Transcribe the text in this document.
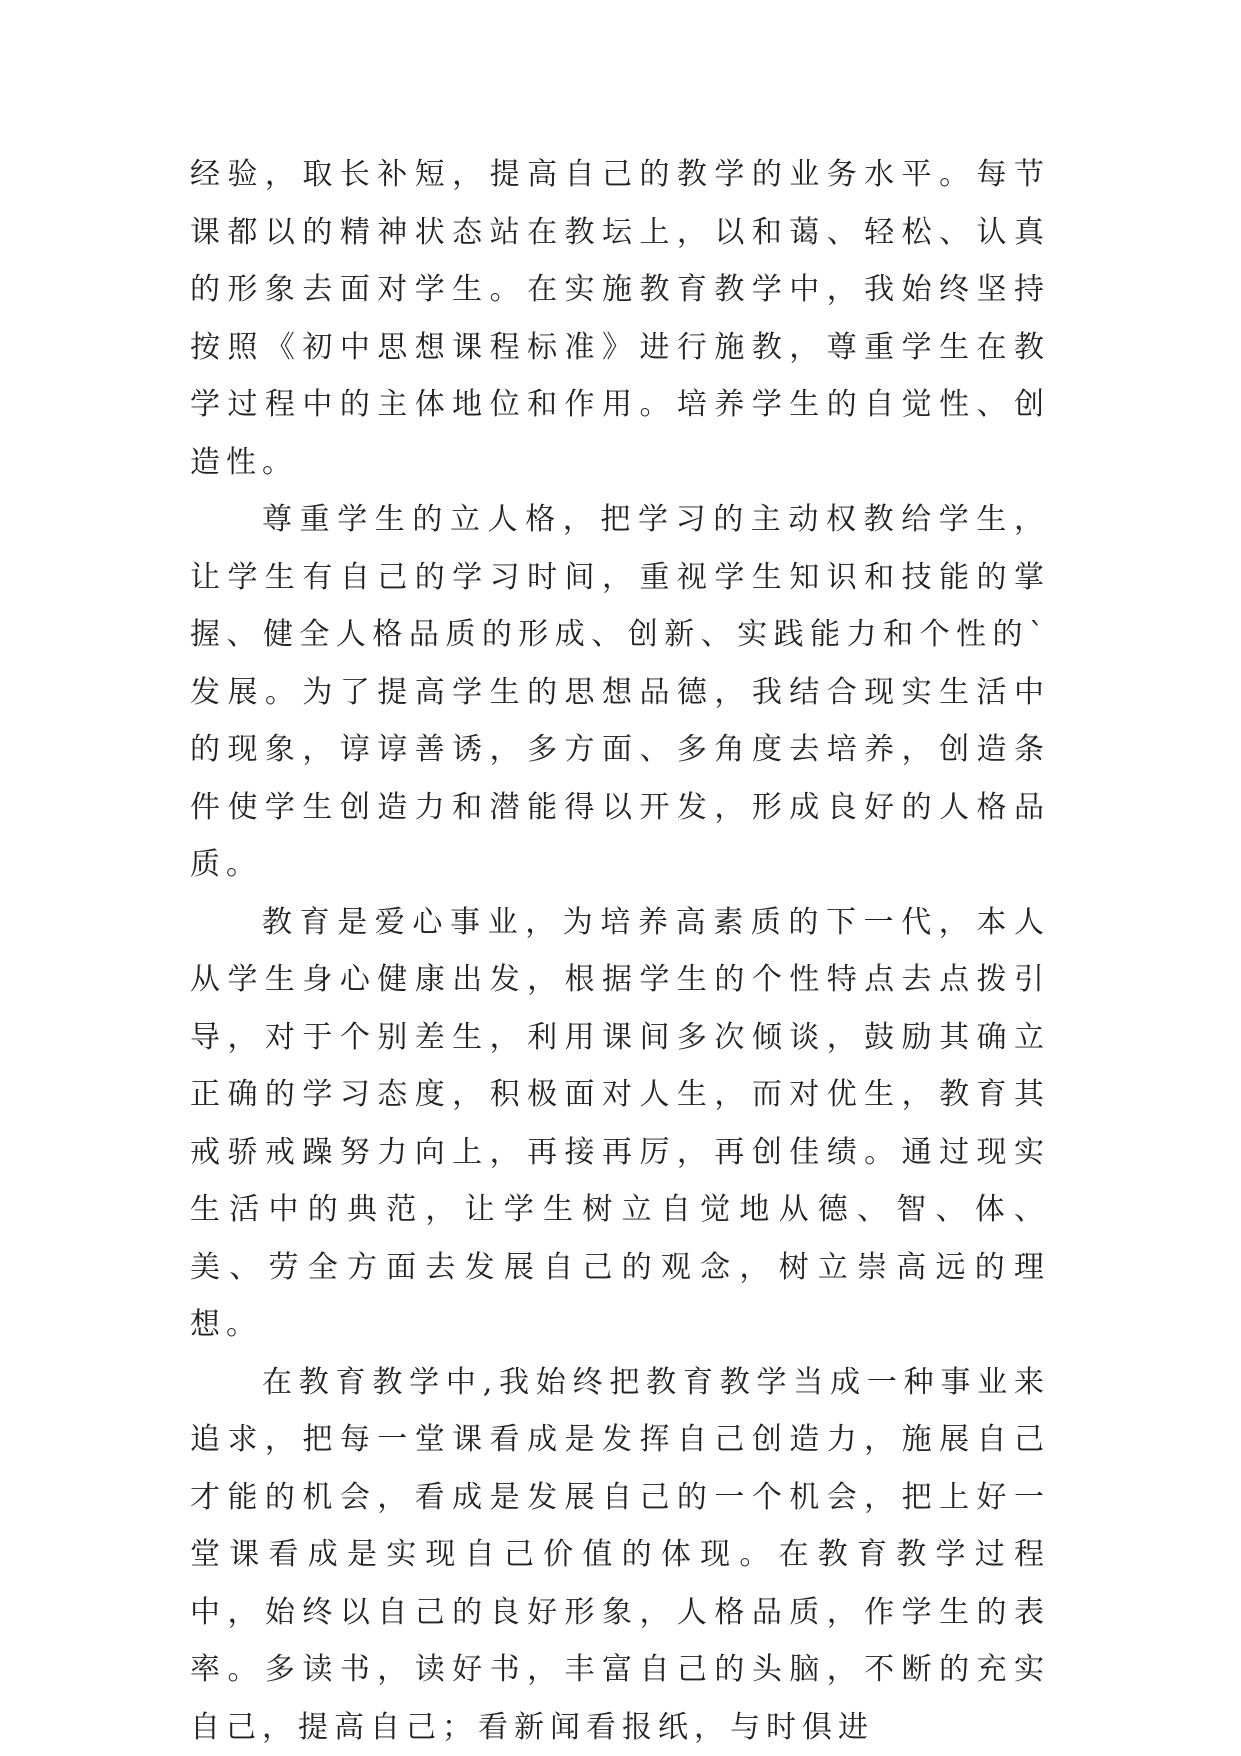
经验，取长补短，提高自己的教学的业务水平。每节课都以的精神状态站在教坛上，以和蔼、轻松、认真的形象去面对学生。在实施教育教学中，我始终坚持按照《初中思想课程标准》进行施教，尊重学生在教学过程中的主体地位和作用。培养学生的自觉性、创造性。

尊重学生的立人格，把学习的主动权教给学生，让学生有自己的学习时间，重视学生知识和技能的掌握、健全人格品质的形成、创新、实践能力和个性的`发展。为了提高学生的思想品德，我结合现实生活中的现象，谆谆善诱，多方面、多角度去培养，创造条件使学生创造力和潜能得以开发，形成良好的人格品质。

教育是爱心事业，为培养高素质的下一代，本人从学生身心健康出发，根据学生的个性特点去点拨引导，对于个别差生，利用课间多次倾谈，鼓励其确立正确的学习态度，积极面对人生，而对优生，教育其戒骄戒躁努力向上，再接再厉，再创佳绩。通过现实生活中的典范，让学生树立自觉地从德、智、体、美、劳全方面去发展自己的观念，树立崇高远的理想。

在教育教学中,我始终把教育教学当成一种事业来追求，把每一堂课看成是发挥自己创造力，施展自己才能的机会，看成是发展自己的一个机会，把上好一堂课看成是实现自己价值的体现。在教育教学过程中，始终以自己的良好形象，人格品质，作学生的表率。多读书，读好书，丰富自己的头脑，不断的充实自己，提高自己；看新闻看报纸，与时俱进
